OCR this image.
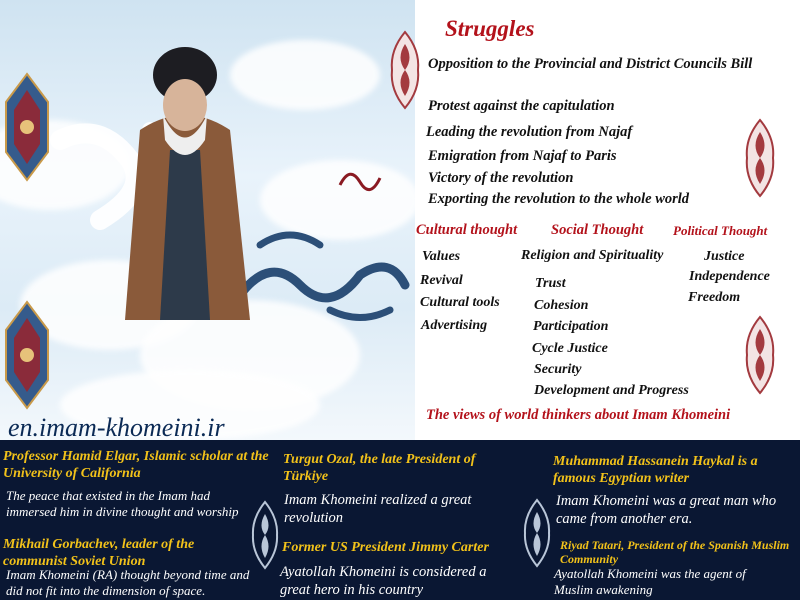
en.imam-khomeini.ir
Struggles
Opposition to the Provincial and District Councils Bill
Protest against the capitulation
Leading the revolution from Najaf
Emigration from Najaf to Paris
Victory of the revolution
Exporting the revolution to the whole world
Cultural thought Social Thought Political Thought
Values
Revival
Cultural tools
Advertising
Religion and Spirituality
Trust
Cohesion
Participation
Cycle Justice
Security
Development and Progress
Justice
Independence
Freedom
The views of world thinkers about Imam Khomeini
Professor Hamid Elgar, Islamic scholar at the University of California
The peace that existed in the Imam had immersed him in divine thought and worship
Mikhail Gorbachev, leader of the communist Soviet Union
Imam Khomeini (RA) thought beyond time and did not fit into the dimension of space.
Turgut Ozal, the late President of Türkiye
Imam Khomeini realized a great revolution
Former US President Jimmy Carter
Ayatollah Khomeini is considered a great hero in his country
Muhammad Hassanein Haykal is a famous Egyptian writer
Imam Khomeini was a great man who came from another era.
Riyad Tatari, President of the Spanish Muslim Community
Ayatollah Khomeini was the agent of Muslim awakening
